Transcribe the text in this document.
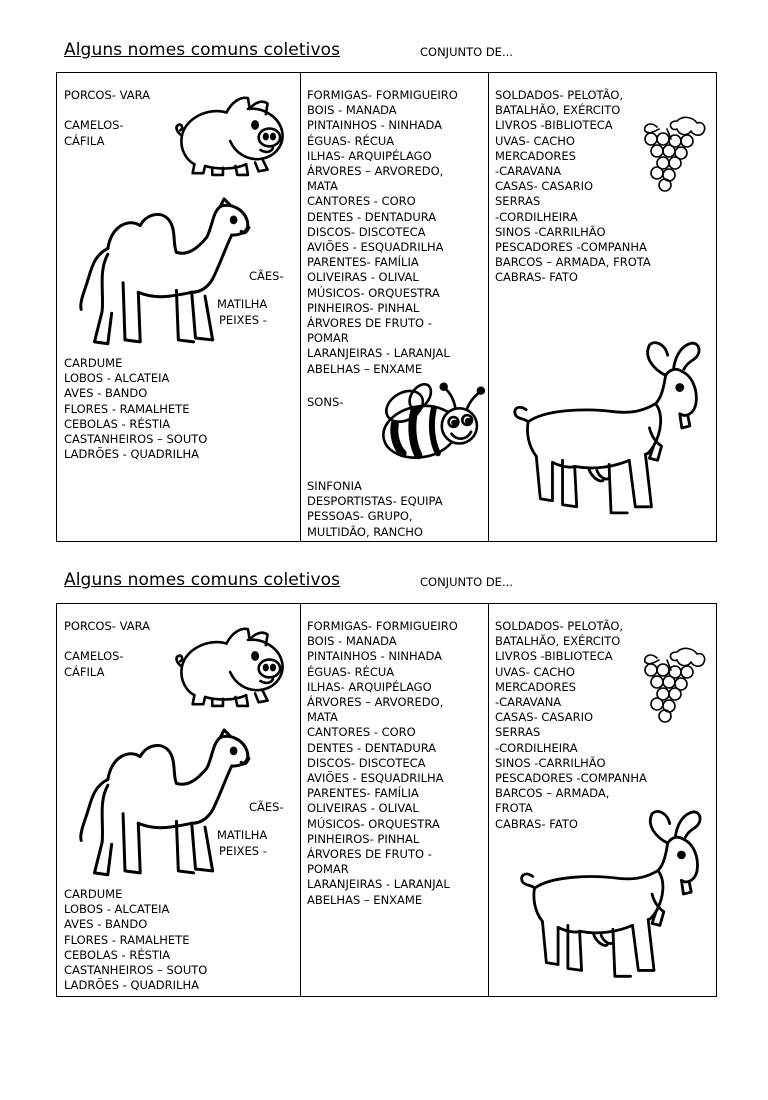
Alguns nomes comuns coletivos	CONJUNTO DE...
PORCOS- VARA
CAMELOS-
CÁFILA
CÃES-
MATILHA
PEIXES -
CARDUME
LOBOS - ALCATEIA
AVES - BANDO
FLORES - RAMALHETE
CEBOLAS - RÉSTIA
CASTANHEIROS – SOUTO
LADRÕES - QUADRILHA
FORMIGAS- FORMIGUEIRO
BOIS - MANADA
PINTAINHOS - NINHADA
ÉGUAS- RÉCUA
ILHAS- ARQUIPÉLAGO
ÁRVORES – ARVOREDO,
MATA
CANTORES - CORO
DENTES - DENTADURA
DISCOS- DISCOTECA
AVIÕES - ESQUADRILHA
PARENTES- FAMÍLIA
OLIVEIRAS - OLIVAL
MÚSICOS- ORQUESTRA
PINHEIROS- PINHAL
ÁRVORES DE FRUTO -
POMAR
LARANJEIRAS - LARANJAL
ABELHAS – ENXAME
SONS-
SINFONIA
DESPORTISTAS- EQUIPA
PESSOAS- GRUPO,
MULTIDÃO, RANCHO
SOLDADOS- PELOTÃO,
BATALHÃO, EXÉRCITO
LIVROS -BIBLIOTECA
UVAS- CACHO
MERCADORES
-CARAVANA
CASAS- CASARIO
SERRAS
-CORDILHEIRA
SINOS -CARRILHÃO
PESCADORES -COMPANHA
BARCOS – ARMADA, FROTA
CABRAS- FATO
Alguns nomes comuns coletivos	CONJUNTO DE...
PORCOS- VARA
CAMELOS-
CÁFILA
CÃES-
MATILHA
PEIXES -
CARDUME
LOBOS - ALCATEIA
AVES - BANDO
FLORES - RAMALHETE
CEBOLAS - RÉSTIA
CASTANHEIROS – SOUTO
LADRÕES - QUADRILHA
FORMIGAS- FORMIGUEIRO
BOIS - MANADA
PINTAINHOS - NINHADA
ÉGUAS- RÉCUA
ILHAS- ARQUIPÉLAGO
ÁRVORES – ARVOREDO,
MATA
CANTORES - CORO
DENTES - DENTADURA
DISCOS- DISCOTECA
AVIÕES - ESQUADRILHA
PARENTES- FAMÍLIA
OLIVEIRAS - OLIVAL
MÚSICOS- ORQUESTRA
PINHEIROS- PINHAL
ÁRVORES DE FRUTO -
POMAR
LARANJEIRAS - LARANJAL
ABELHAS – ENXAME
SOLDADOS- PELOTÃO,
BATALHÃO, EXÉRCITO
LIVROS -BIBLIOTECA
UVAS- CACHO
MERCADORES
-CARAVANA
CASAS- CASARIO
SERRAS
-CORDILHEIRA
SINOS -CARRILHÃO
PESCADORES -COMPANHA
BARCOS – ARMADA,
FROTA
CABRAS- FATO
